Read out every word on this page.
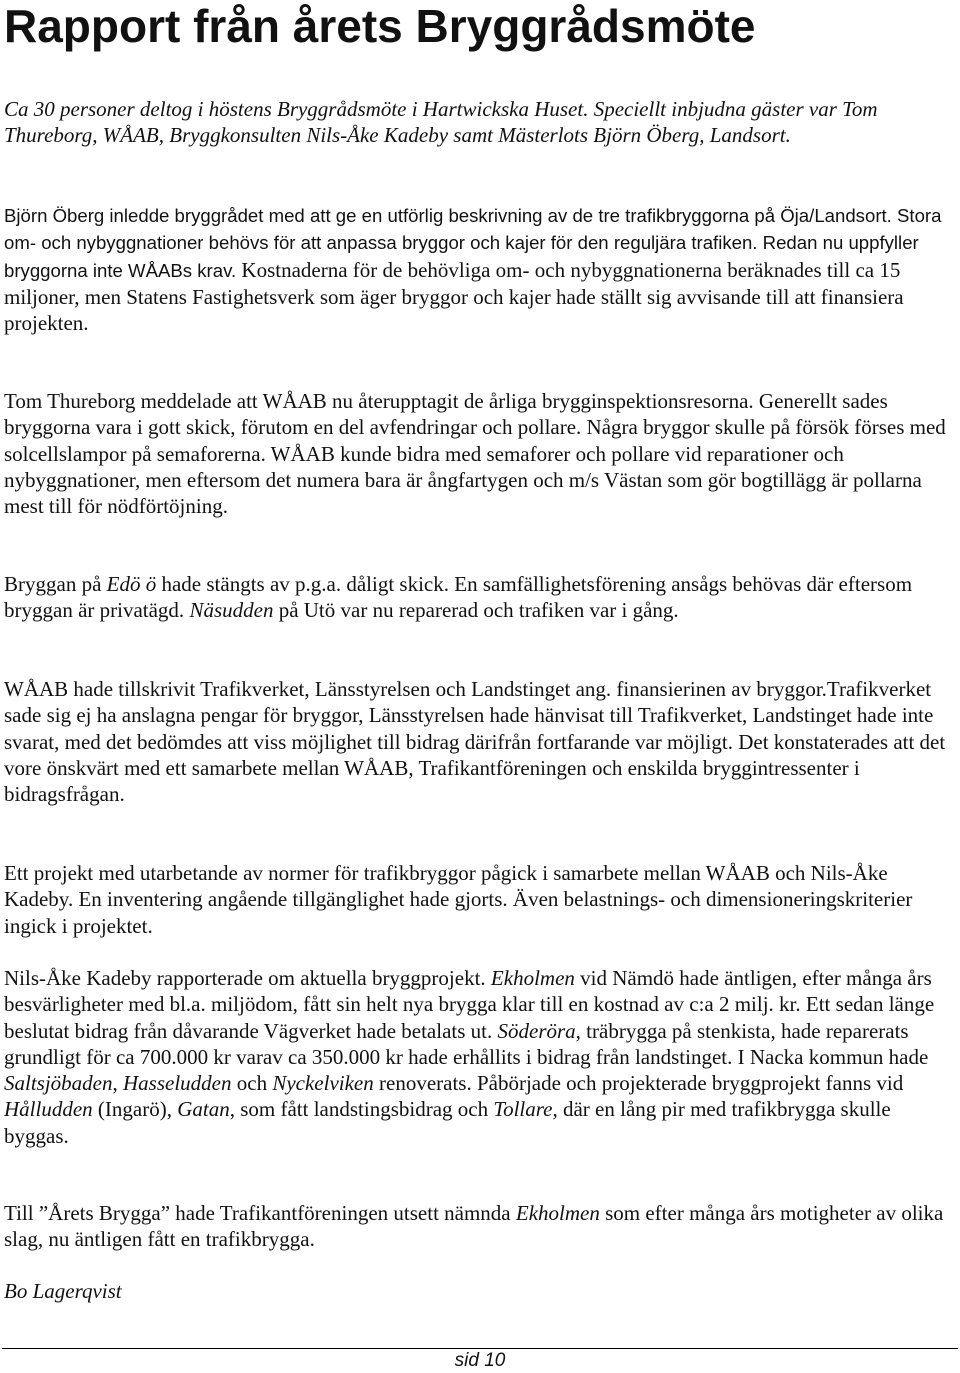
Rapport från årets Bryggrådsmöte

Ca 30 personer deltog i höstens Bryggrådsmöte i Hartwickska Huset. Speciellt inbjudna gäster var Tom Thureborg, WÅAB, Bryggkonsulten Nils-Åke Kadeby samt Mästerlots Björn Öberg, Landsort.

Björn Öberg inledde bryggrådet med att ge en utförlig beskrivning av de tre trafikbryggorna på Öja/Landsort. Stora om- och nybyggnationer behövs för att anpassa bryggor och kajer för den reguljära trafiken. Redan nu uppfyller bryggorna inte WÅABs krav. Kostnaderna för de behövliga om- och nybyggnationerna beräknades till ca 15 miljoner, men Statens Fastighetsverk som äger bryggor och kajer hade ställt sig avvisande till att finansiera projekten.

Tom Thureborg meddelade att WÅAB nu återupptagit de årliga brygginspektionsresorna. Generellt sades bryggorna vara i gott skick, förutom en del avfendringar och pollare. Några bryggor skulle på försök förses med solcellslampor på semaforerna. WÅAB kunde bidra med semaforer och pollare vid reparationer och nybyggnationer, men eftersom det numera bara är ångfartygen och m/s Västan som gör bogtillägg är pollarna mest till för nödförtöjning.

Bryggan på Edö ö hade stängts av p.g.a. dåligt skick. En samfällighetsförening ansågs behövas där eftersom bryggan är privatägd. Näsudden på Utö var nu reparerad och trafiken var i gång.

WÅAB hade tillskrivit Trafikverket, Länsstyrelsen och Landstinget ang. finansierinen av bryggor.Trafikverket sade sig ej ha anslagna pengar för bryggor, Länsstyrelsen hade hänvisat till Trafikverket, Landstinget hade inte svarat, med det bedömdes att viss möjlighet till bidrag därifrån fortfarande var möjligt. Det konstaterades att det vore önskvärt med ett samarbete mellan WÅAB, Trafikantföreningen och enskilda bryggintressenter i bidragsfrågan.

Ett projekt med utarbetande av normer för trafikbryggor pågick i samarbete mellan WÅAB och Nils-Åke Kadeby. En inventering angående tillgänglighet hade gjorts. Även belastnings- och dimensioneringskriterier ingick i projektet.

Nils-Åke Kadeby rapporterade om aktuella bryggprojekt. Ekholmen vid Nämdö hade äntligen, efter många års besvärligheter med bl.a. miljödom, fått sin helt nya brygga klar till en kostnad av c:a 2 milj. kr. Ett sedan länge beslutat bidrag från dåvarande Vägverket hade betalats ut. Söderöra, träbrygga på stenkista, hade reparerats grundligt för ca 700.000 kr varav ca 350.000 kr hade erhållits i bidrag från landstinget. I Nacka kommun hade Saltsjöbaden, Hasseludden och Nyckelviken renoverats. Påbörjade och projekterade bryggprojekt fanns vid Hålludden (Ingarö), Gatan, som fått landstingsbidrag och Tollare, där en lång pir med trafikbrygga skulle byggas.

Till ”Årets Brygga” hade Trafikantföreningen utsett nämnda Ekholmen som efter många års motigheter av olika slag, nu äntligen fått en trafikbrygga.

Bo Lagerqvist

sid 10
